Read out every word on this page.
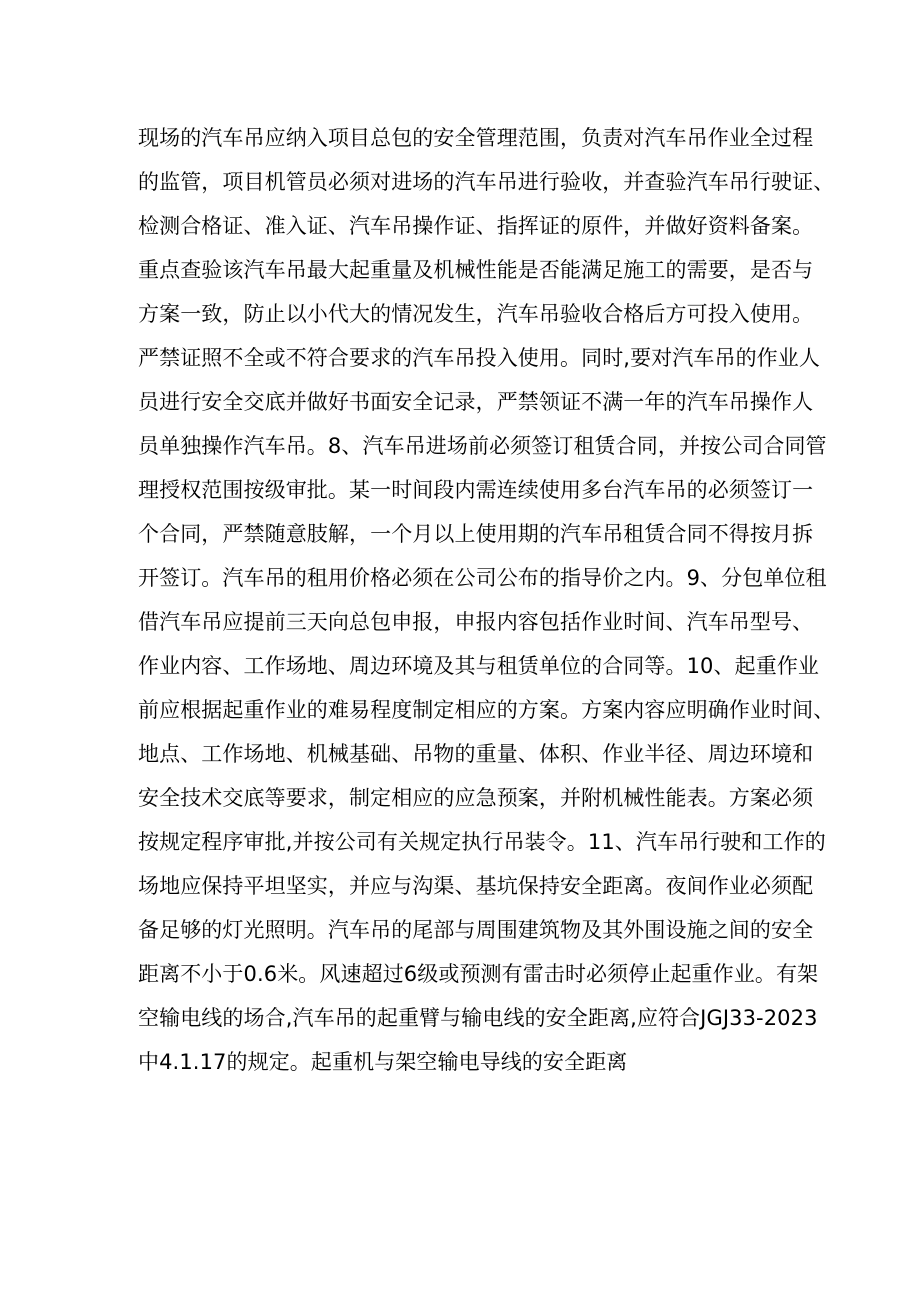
现场的汽车吊应纳入项目总包的安全管理范围，负责对汽车吊作业全过程
的监管，项目机管员必须对进场的汽车吊进行验收，并查验汽车吊行驶证、
检测合格证、准入证、汽车吊操作证、指挥证的原件，并做好资料备案。
重点查验该汽车吊最大起重量及机械性能是否能满足施工的需要，是否与
方案一致，防止以小代大的情况发生，汽车吊验收合格后方可投入使用。
严禁证照不全或不符合要求的汽车吊投入使用。同时,要对汽车吊的作业人
员进行安全交底并做好书面安全记录，严禁领证不满一年的汽车吊操作人
员单独操作汽车吊。8、汽车吊进场前必须签订租赁合同，并按公司合同管
理授权范围按级审批。某一时间段内需连续使用多台汽车吊的必须签订一
个合同，严禁随意肢解，一个月以上使用期的汽车吊租赁合同不得按月拆
开签订。汽车吊的租用价格必须在公司公布的指导价之内。9、分包单位租
借汽车吊应提前三天向总包申报，申报内容包括作业时间、汽车吊型号、
作业内容、工作场地、周边环境及其与租赁单位的合同等。10、起重作业
前应根据起重作业的难易程度制定相应的方案。方案内容应明确作业时间、
地点、工作场地、机械基础、吊物的重量、体积、作业半径、周边环境和
安全技术交底等要求，制定相应的应急预案，并附机械性能表。方案必须
按规定程序审批,并按公司有关规定执行吊装令。11、汽车吊行驶和工作的
场地应保持平坦坚实，并应与沟渠、基坑保持安全距离。夜间作业必须配
备足够的灯光照明。汽车吊的尾部与周围建筑物及其外围设施之间的安全
距离不小于0.6米。风速超过6级或预测有雷击时必须停止起重作业。有架
空输电线的场合,汽车吊的起重臂与输电线的安全距离,应符合JGJ33-2023
中4.1.17的规定。起重机与架空输电导线的安全距离
